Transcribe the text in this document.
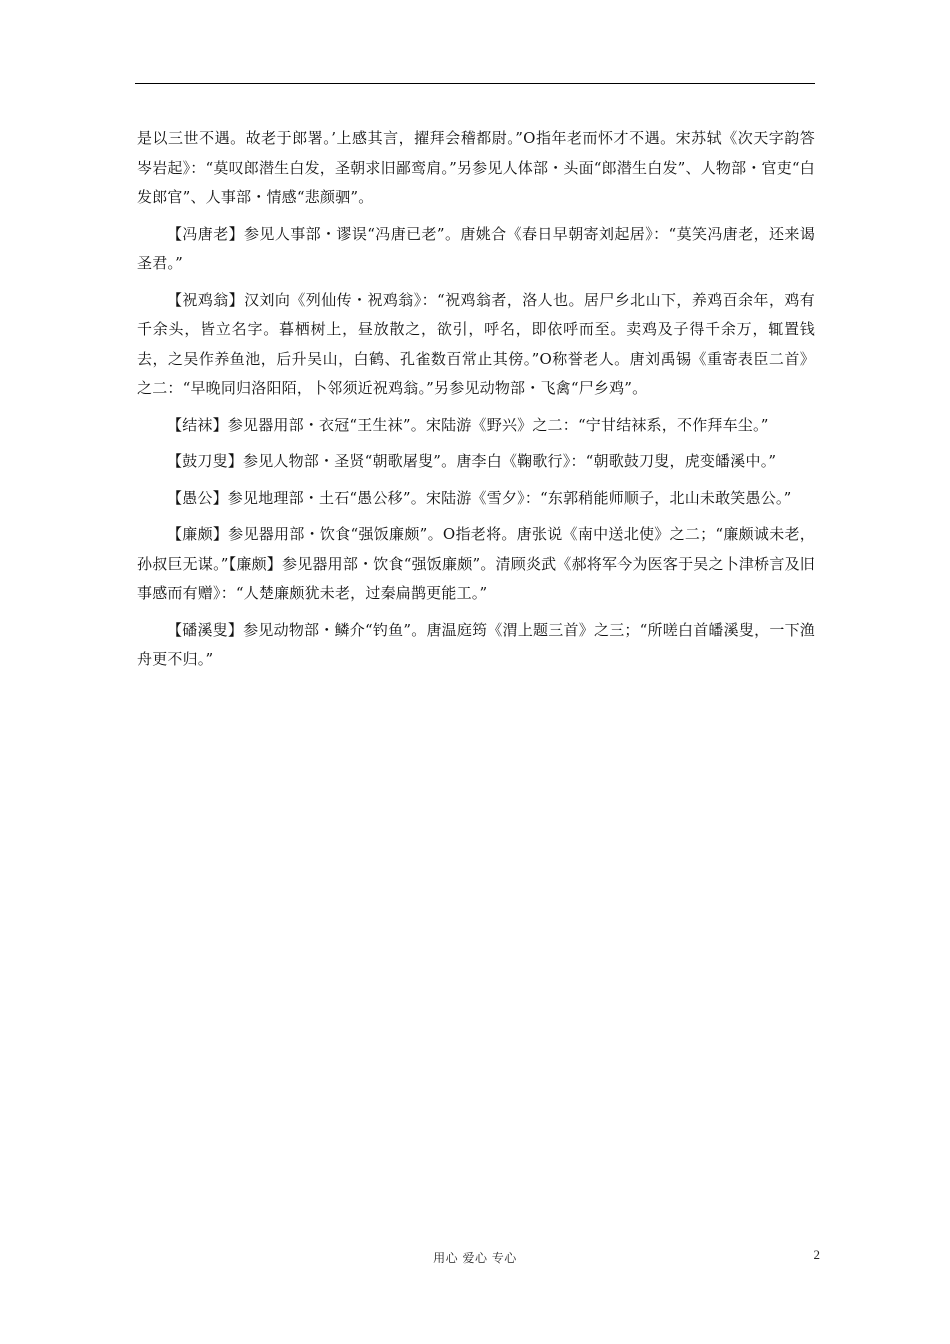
是以三世不遇。故老于郎署。’上感其言，擢拜会稽都尉。”O指年老而怀才不遇。宋苏轼《次天字韵答岑岩起》：“莫叹郎潜生白发，圣朝求旧鄙鸾肩。”另参见人体部・头面“郎潜生白发”、人物部・官吏“白发郎官”、人事部・情感“悲颜驷”。

【冯唐老】参见人事部・谬误“冯唐已老”。唐姚合《春日早朝寄刘起居》：“莫笑冯唐老，还来谒圣君。”

【祝鸡翁】汉刘向《列仙传・祝鸡翁》：“祝鸡翁者，洛人也。居尸乡北山下，养鸡百余年，鸡有千余头，皆立名字。暮栖树上，昼放散之，欲引，呼名，即依呼而至。卖鸡及子得千余万，辄置钱去，之吴作养鱼池，后升吴山，白鹤、孔雀数百常止其傍。”O称誉老人。唐刘禹锡《重寄表臣二首》之二：“早晚同归洛阳陌，卜邻须近祝鸡翁。”另参见动物部・飞禽“尸乡鸡”。

【结袜】参见器用部・衣冠“王生袜”。宋陆游《野兴》之二：“宁甘结袜系，不作拜车尘。”

【鼓刀叟】参见人物部・圣贤“朝歌屠叟”。唐李白《鞠歌行》：“朝歌鼓刀叟，虎变皤溪中。”

【愚公】参见地理部・土石“愚公移”。宋陆游《雪夕》：“东郭稍能师顺子，北山未敢笑愚公。”

【廉颇】参见器用部・饮食“强饭廉颇”。O指老将。唐张说《南中送北使》之二；“廉颇诚未老，孙叔巨无谋。”【廉颇】参见器用部・饮食“强饭廉颇”。清顾炎武《郝将军今为医客于吴之卜津桥言及旧事感而有赠》：“人楚廉颇犹未老，过秦扁鹊更能工。”

【磻溪叟】参见动物部・鳞介“钓鱼”。唐温庭筠《渭上题三首》之三；“所嗟白首皤溪叟，一下渔舟更不归。”

用心 爱心 专心	2
